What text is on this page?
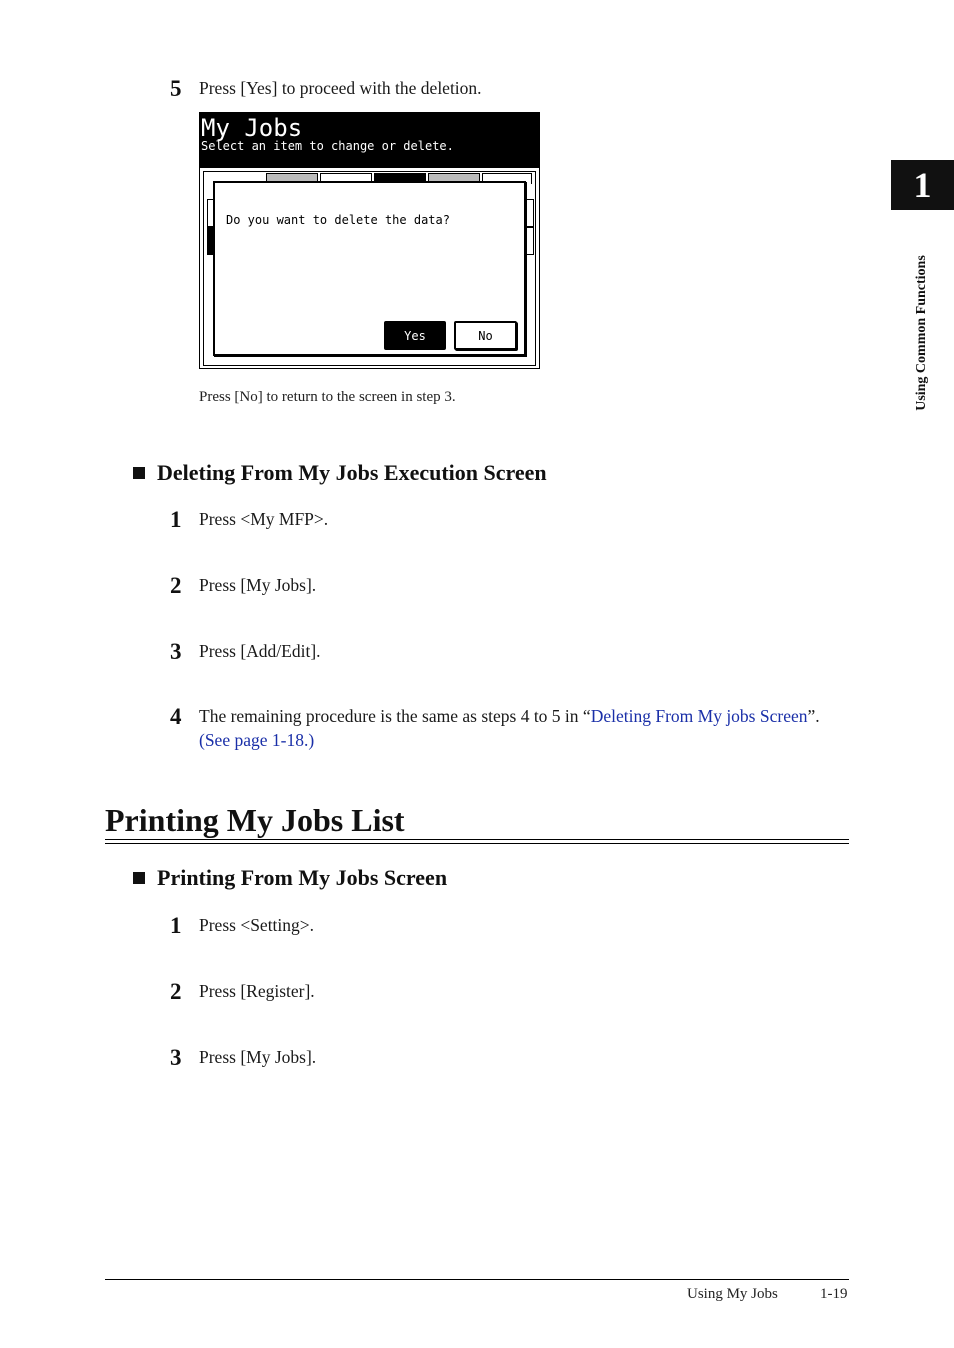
1
Using Common Functions
5	Press [Yes] to proceed with the deletion.
My Jobs
Select an item to change or delete.
Do you want to delete the data?
Yes	No
Press [No] to return to the screen in step 3.
Deleting From My Jobs Execution Screen
1	Press <My MFP>.
2	Press [My Jobs].
3	Press [Add/Edit].
4	The remaining procedure is the same as steps 4 to 5 in “Deleting From My jobs Screen”. (See page 1-18.)
Printing My Jobs List
Printing From My Jobs Screen
1	Press <Setting>.
2	Press [Register].
3	Press [My Jobs].
Using My Jobs	1-19
